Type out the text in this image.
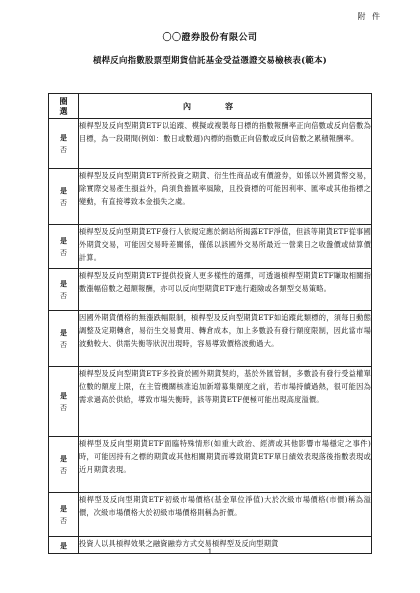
附 件
〇〇證券股份有限公司
槓桿反向指數股票型期貨信託基金受益憑證交易檢核表(範本)
圈
選	內容

是
否	槓桿型及反向型期貨ETF以追蹤、模擬或複製每日標的指數報酬率正向倍數或反向倍數為目標，為一段期間(例如：數日或數週)內標的指數正向倍數或反向倍數之累積報酬率。

是
否	槓桿型及反向型期貨ETF所投資之期貨、衍生性商品或有價證券，如係以外國貨幣交易，除實際交易產生損益外，尚須負擔匯率風險，且投資標的可能因利率、匯率或其他指標之變動，有直接導致本金損失之虞。

是
否	槓桿型及反向型期貨ETF發行人依規定應於網站所揭露ETF淨值，但該等期貨ETF從事國外期貨交易，可能因交易時差關係，僅係以該國外交易所最近一營業日之收盤價或結算價計算。

是
否	槓桿型及反向型期貨ETF提供投資人更多樣性的選擇，可透過槓桿型期貨ETF賺取相關指數漲幅倍數之超額報酬，亦可以反向型期貨ETF進行避險或各類型交易策略。

是
否	因國外期貨價格的無漲跌幅限制，槓桿型及反向型期貨ETF如追蹤此類標的，須每日動態調整及定期轉倉，易衍生交易費用、轉倉成本，加上多數設有發行額度限制，因此當市場波動較大、供需失衡等狀況出現時，容易導致價格波動過大。

是
否	槓桿型及反向型期貨ETF多投資於國外期貨契約，基於外匯管制，多數設有發行受益權單位數的額度上限，在主管機關核准追加新增募集額度之前，若市場持續過熱，很可能因為需求過高於供給，導致市場失衡時，該等期貨ETF便極可能出現高度溢價。

是
否	槓桿型及反向型期貨ETF面臨特殊情形(如重大政治、經濟或其他影響市場穩定之事件)時，可能因持有之標的期貨或其他相關期貨而導致期貨ETF單日績效表現落後指數表現或近月期貨表現。

是
否	槓桿型及反向型期貨ETF初級市場價格(基金單位淨值)大於次級市場價格(市價)稱為溢價，次級市場價格大於初級市場價格則稱為折價。

是	投資人以具槓桿效果之融資融券方式交易槓桿型及反向型期貨
1
